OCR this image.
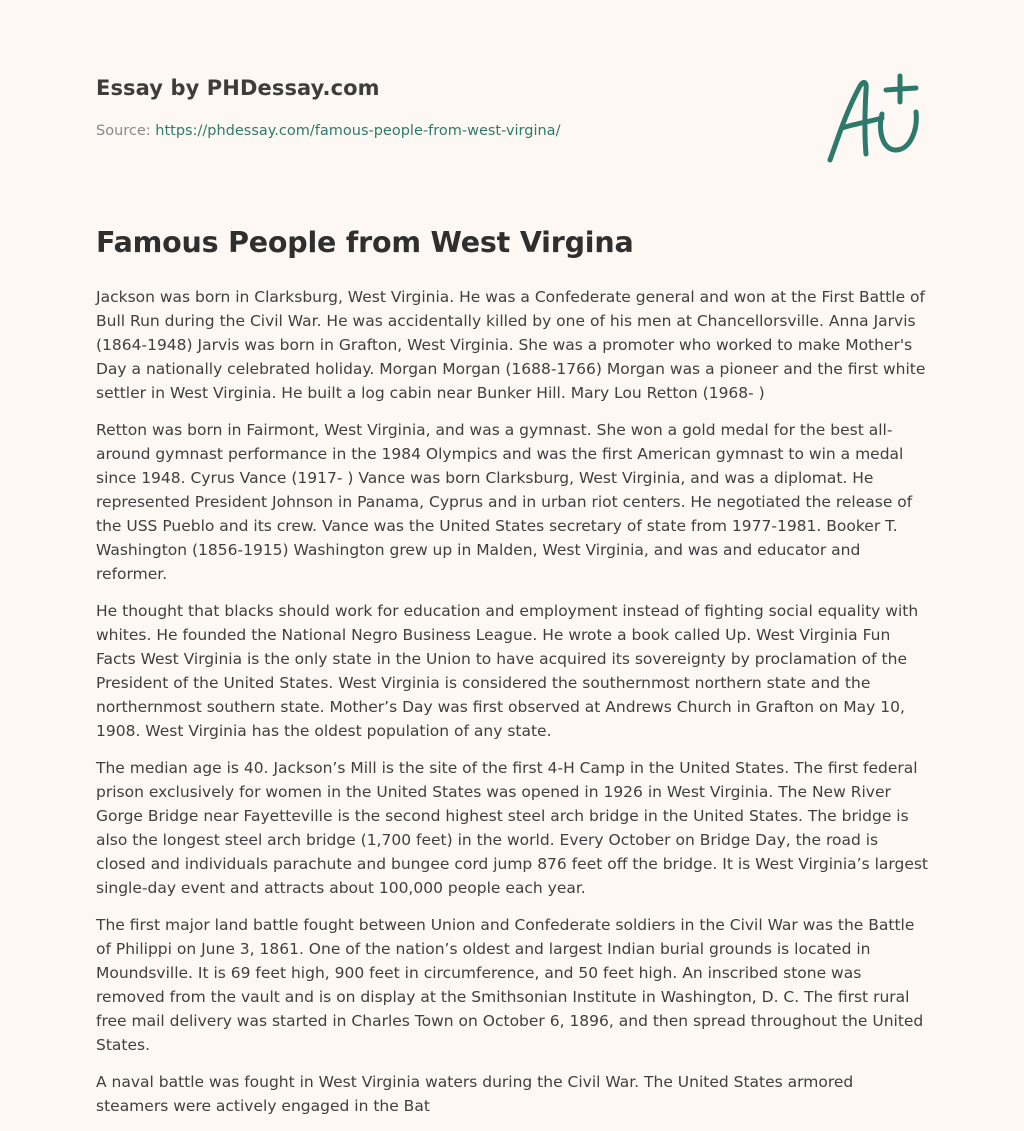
Essay by PHDessay.com
Source: https://phdessay.com/famous-people-from-west-virgina/
Famous People from West Virgina

Jackson was born in Clarksburg, West Virginia. He was a Confederate general and won at the First Battle of Bull Run during the Civil War. He was accidentally killed by one of his men at Chancellorsville. Anna Jarvis (1864-1948) Jarvis was born in Grafton, West Virginia. She was a promoter who worked to make Mother's Day a nationally celebrated holiday. Morgan Morgan (1688-1766) Morgan was a pioneer and the first white settler in West Virginia. He built a log cabin near Bunker Hill. Mary Lou Retton (1968- )

Retton was born in Fairmont, West Virginia, and was a gymnast. She won a gold medal for the best all-around gymnast performance in the 1984 Olympics and was the first American gymnast to win a medal since 1948. Cyrus Vance (1917- ) Vance was born Clarksburg, West Virginia, and was a diplomat. He represented President Johnson in Panama, Cyprus and in urban riot centers. He negotiated the release of the USS Pueblo and its crew. Vance was the United States secretary of state from 1977-1981. Booker T. Washington (1856-1915) Washington grew up in Malden, West Virginia, and was and educator and reformer.

He thought that blacks should work for education and employment instead of fighting social equality with whites. He founded the National Negro Business League. He wrote a book called Up. West Virginia Fun Facts West Virginia is the only state in the Union to have acquired its sovereignty by proclamation of the President of the United States. West Virginia is considered the southernmost northern state and the northernmost southern state. Mother’s Day was first observed at Andrews Church in Grafton on May 10, 1908. West Virginia has the oldest population of any state.

The median age is 40. Jackson’s Mill is the site of the first 4-H Camp in the United States. The first federal prison exclusively for women in the United States was opened in 1926 in West Virginia. The New River Gorge Bridge near Fayetteville is the second highest steel arch bridge in the United States. The bridge is also the longest steel arch bridge (1,700 feet) in the world. Every October on Bridge Day, the road is closed and individuals parachute and bungee cord jump 876 feet off the bridge. It is West Virginia’s largest single-day event and attracts about 100,000 people each year.

The first major land battle fought between Union and Confederate soldiers in the Civil War was the Battle of Philippi on June 3, 1861. One of the nation’s oldest and largest Indian burial grounds is located in Moundsville. It is 69 feet high, 900 feet in circumference, and 50 feet high. An inscribed stone was removed from the vault and is on display at the Smithsonian Institute in Washington, D. C. The first rural free mail delivery was started in Charles Town on October 6, 1896, and then spread throughout the United States.

A naval battle was fought in West Virginia waters during the Civil War. The United States armored steamers were actively engaged in the Bat
